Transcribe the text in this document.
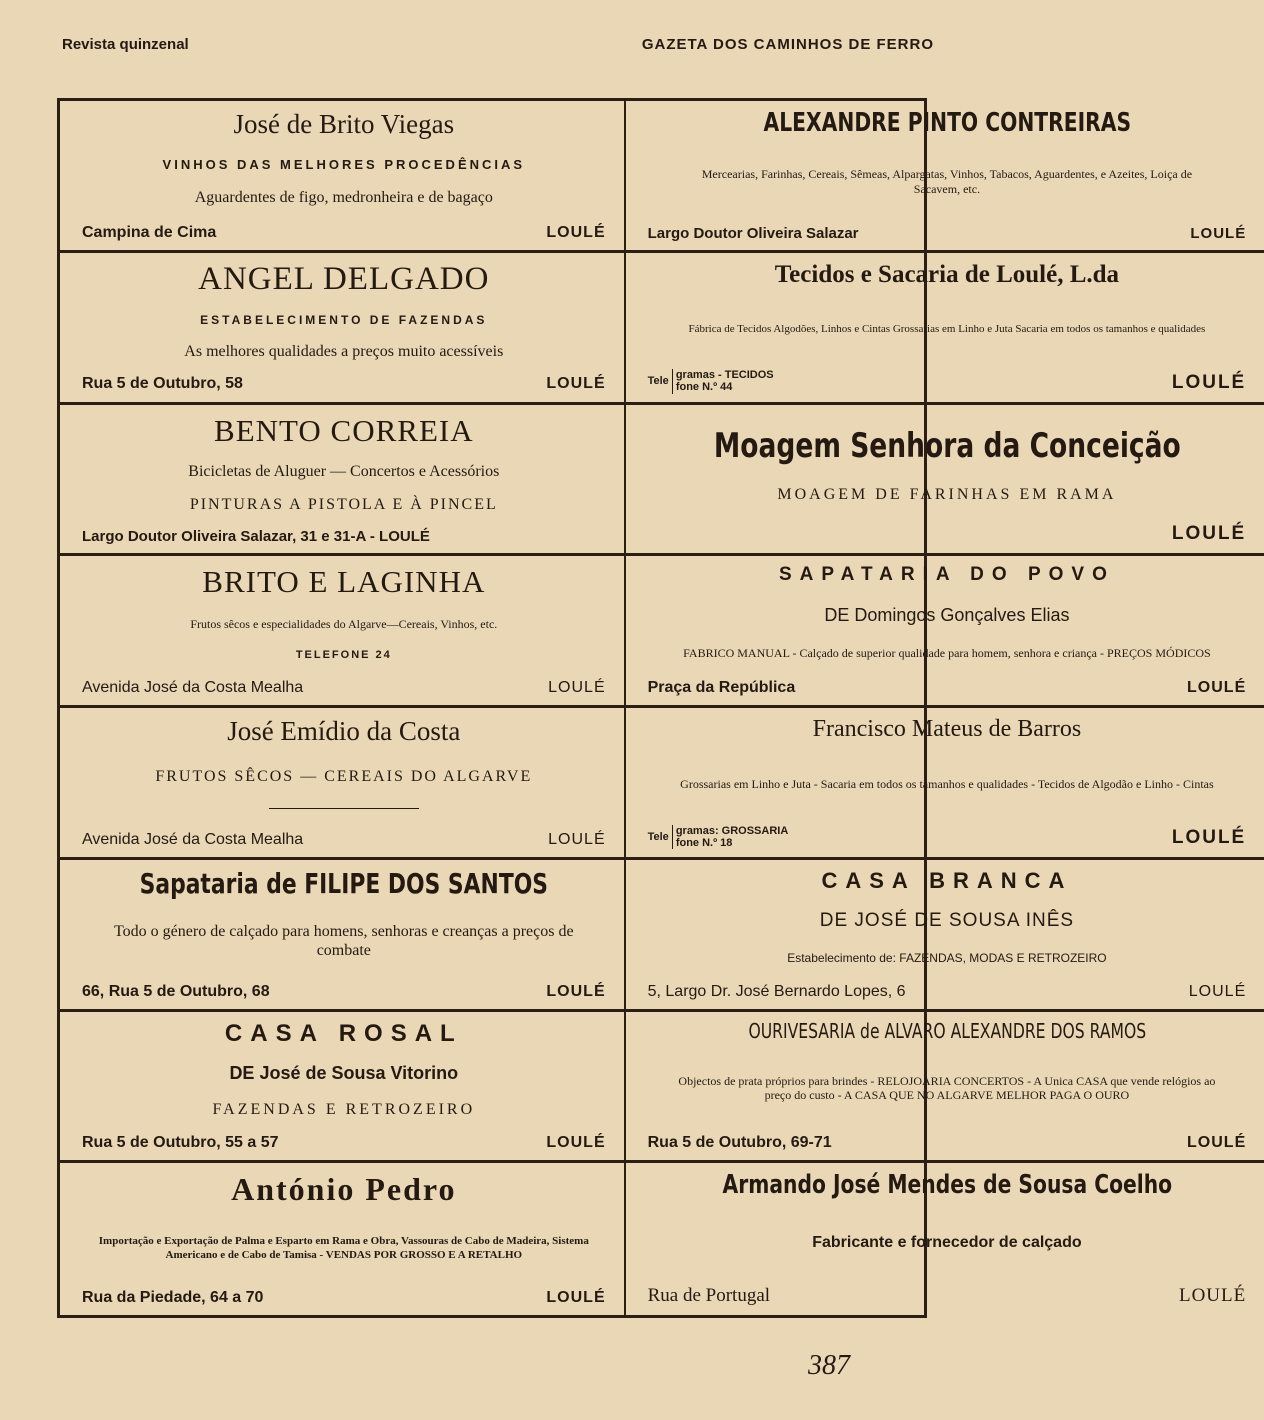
Revista quinzenal	GAZETA DOS CAMINHOS DE FERRO
José de Brito Viegas
VINHOS DAS MELHORES PROCEDÊNCIAS
Aguardentes de figo, medronheira e de bagaço
Campina de Cima	LOULÉ
ALEXANDRE PINTO CONTREIRAS
Mercearias, Farinhas, Cereais, Sêmeas, Alpargatas, Vinhos, Tabacos, Aguardentes, e Azeites, Loiça de Sacavem, etc.
Largo Doutor Oliveira Salazar	LOULÉ
ANGEL DELGADO
ESTABELECIMENTO DE FAZENDAS
As melhores qualidades a preços muito acessíveis
Rua 5 de Outubro, 58	LOULÉ
Tecidos e Sacaria de Loulé, L.da
Fábrica de Tecidos Algodões, Linhos e Cintas Grossarias em Linho e Juta Sacaria em todos os tamanhos e qualidades
Tele
gramas - TECIDOS
fone N.º 44	LOULÉ
BENTO CORREIA
Bicicletas de Aluguer — Concertos e Acessórios
PINTURAS A PISTOLA E À PINCEL
Largo Doutor Oliveira Salazar, 31 e 31-A - LOULÉ
Moagem Senhora da Conceição
MOAGEM DE FARINHAS EM RAMA
LOULÉ
BRITO E LAGINHA
Frutos sêcos e especialidades do Algarve—Cereais, Vinhos, etc.
TELEFONE 24
Avenida José da Costa Mealha	LOULÉ
SAPATARIA DO POVO
DE Domingos Gonçalves Elias
FABRICO MANUAL - Calçado de superior qualidade para homem, senhora e criança - PREÇOS MÓDICOS
Praça da República	LOULÉ
José Emídio da Costa
FRUTOS SÊCOS — CEREAIS DO ALGARVE
Avenida José da Costa Mealha	LOULÉ
Francisco Mateus de Barros
Grossarias em Linho e Juta - Sacaria em todos os tamanhos e qualidades - Tecidos de Algodão e Linho - Cintas
Tele
gramas: GROSSARIA
fone N.º 18	LOULÉ
Sapataria de FILIPE DOS SANTOS
Todo o género de calçado para homens, senhoras e creanças a preços de combate
66, Rua 5 de Outubro, 68	LOULÉ
CASA BRANCA
DE JOSÉ DE SOUSA INÊS
Estabelecimento de: FAZENDAS, MODAS E RETROZEIRO
5, Largo Dr. José Bernardo Lopes, 6	LOULÉ
CASA ROSAL
DE José de Sousa Vitorino
FAZENDAS E RETROZEIRO
Rua 5 de Outubro, 55 a 57	LOULÉ
OURIVESARIA de ALVARO ALEXANDRE DOS RAMOS
Objectos de prata próprios para brindes - RELOJOARIA CONCERTOS - A Unica CASA que vende relógios ao preço do custo - A CASA QUE NO ALGARVE MELHOR PAGA O OURO
Rua 5 de Outubro, 69-71	LOULÉ
António Pedro
Importação e Exportação de Palma e Esparto em Rama e Obra, Vassouras de Cabo de Madeira, Sistema Americano e de Cabo de Tamisa - VENDAS POR GROSSO E A RETALHO
Rua da Piedade, 64 a 70	LOULÉ
Armando José Mendes de Sousa Coelho
Fabricante e fornecedor de calçado
Rua de Portugal	LOULÉ
387
